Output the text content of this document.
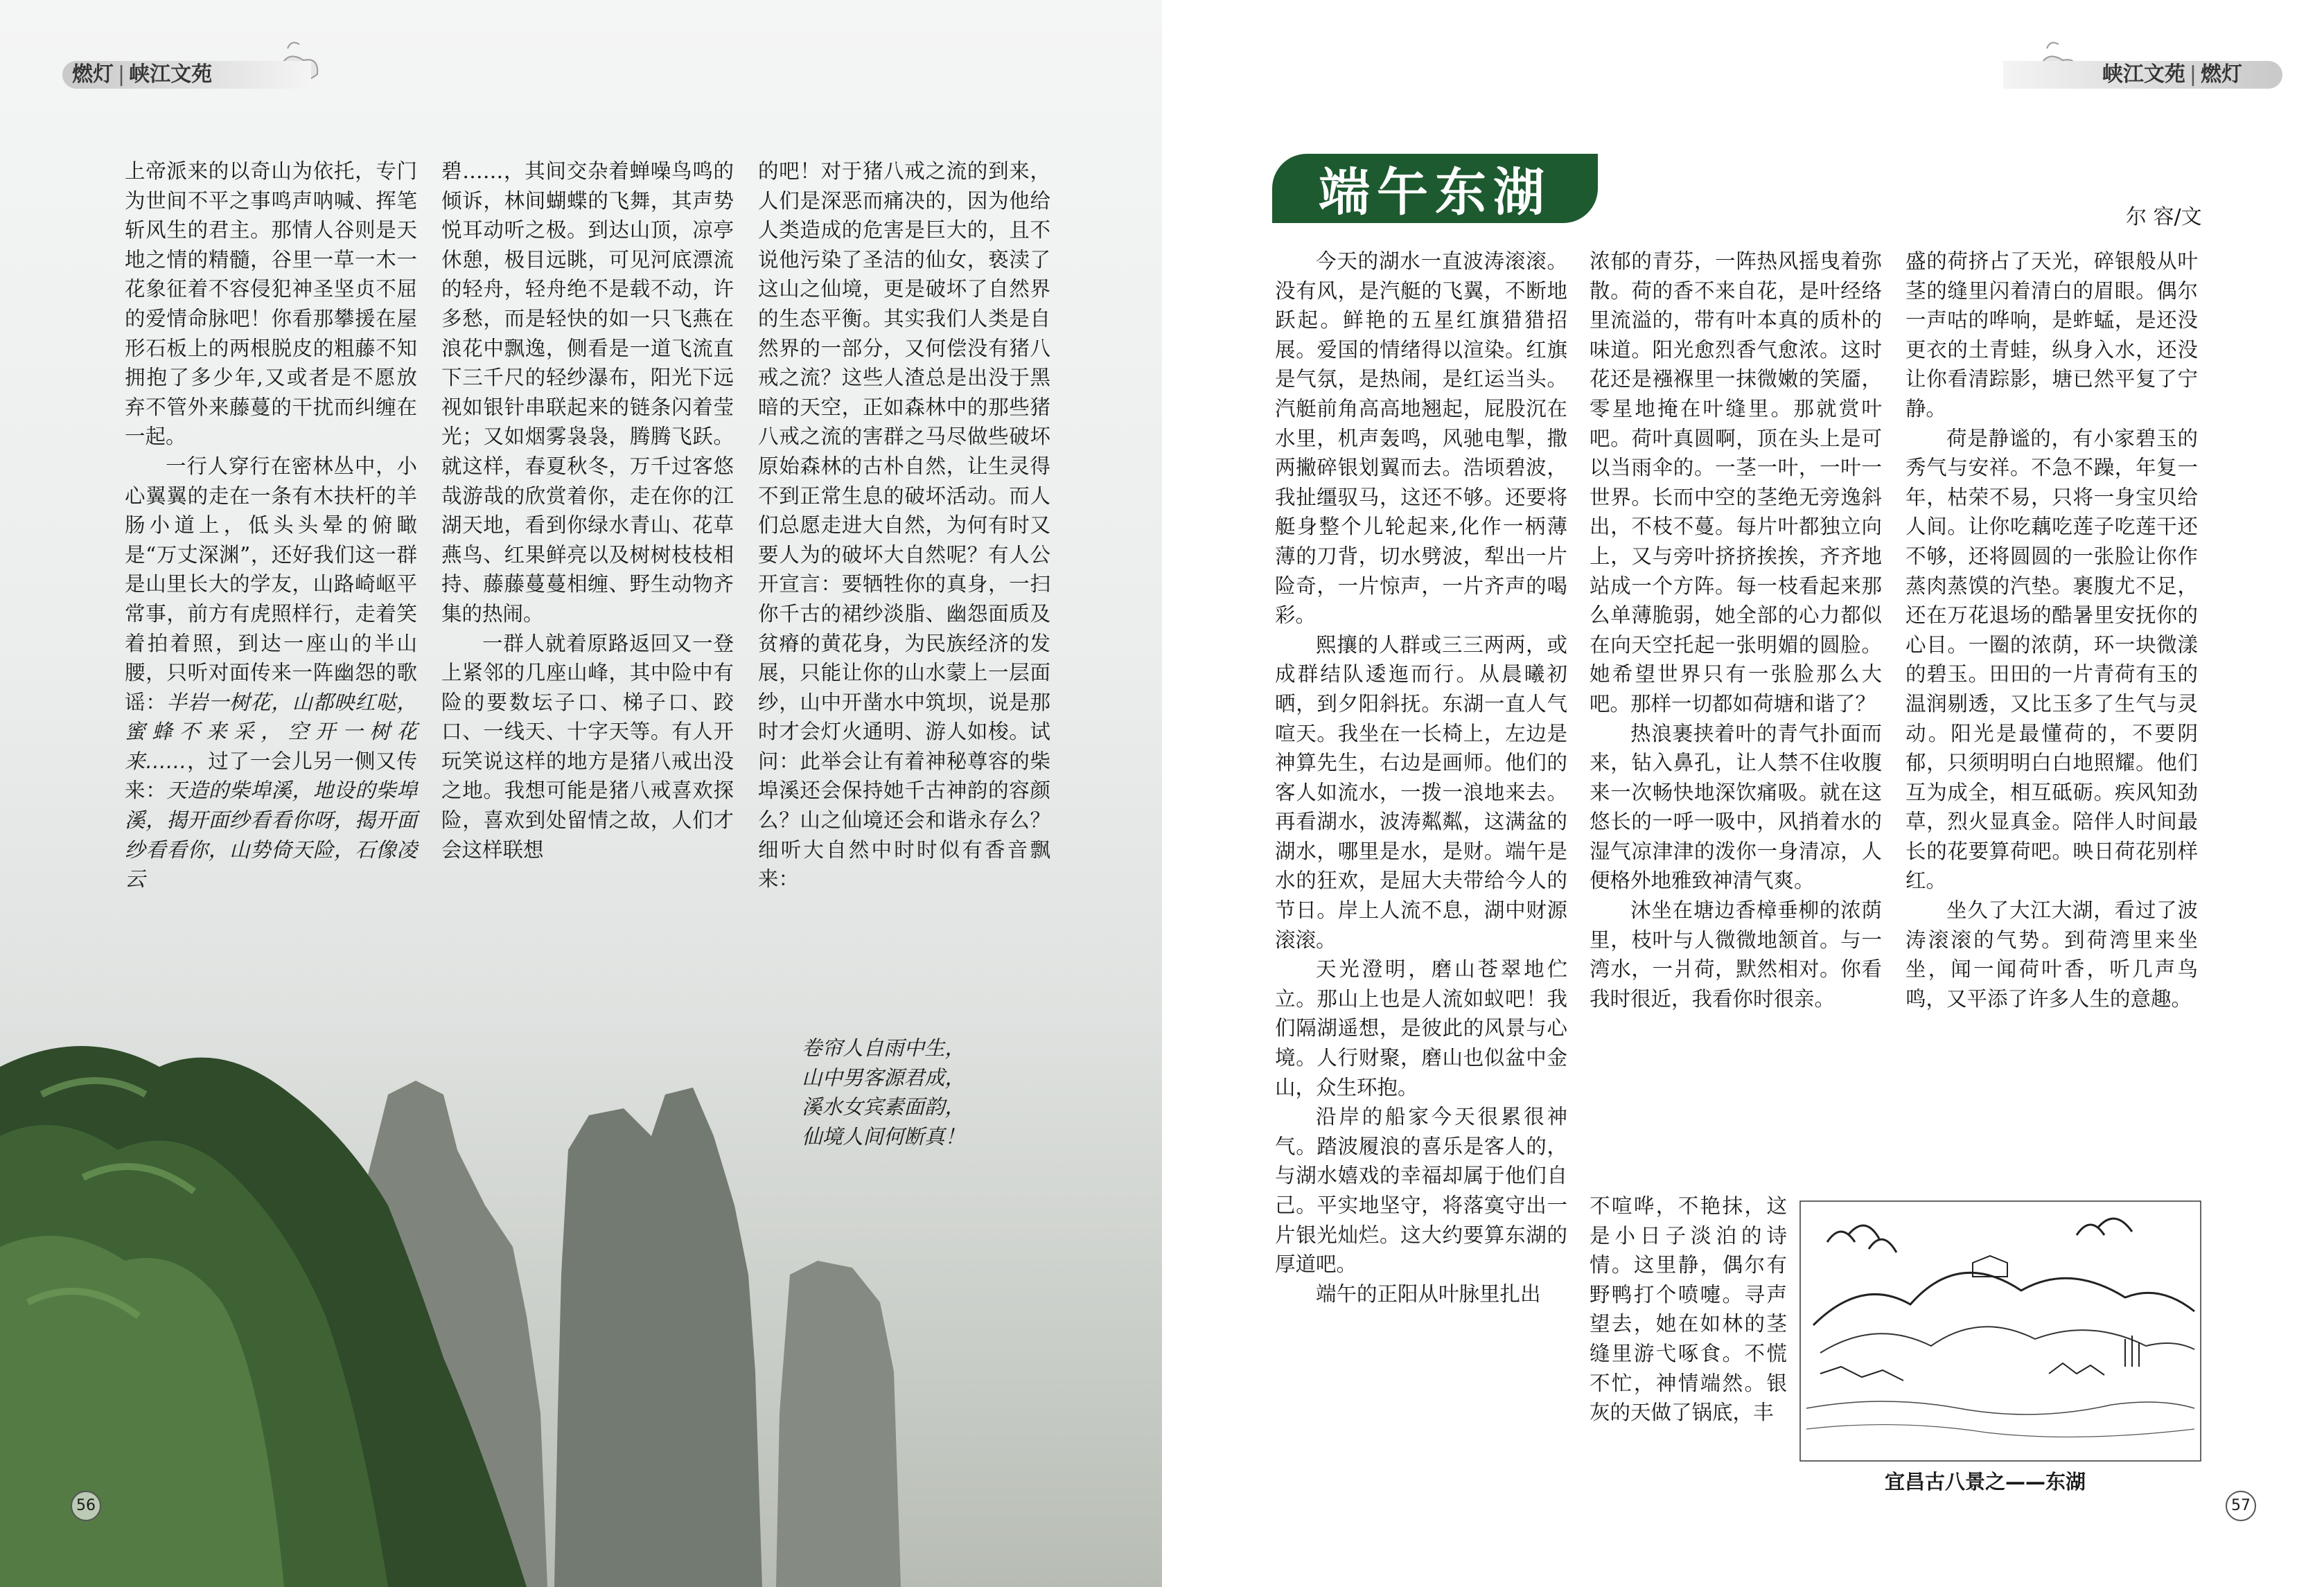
燃灯 | 峡江文苑

上帝派来的以奇山为依托，专门为世间不平之事鸣声呐喊、挥笔斩风生的君主。那情人谷则是天地之情的精髓，谷里一草一木一花象征着不容侵犯神圣坚贞不屈的爱情命脉吧！你看那攀援在屋形石板上的两根脱皮的粗藤不知拥抱了多少年,又或者是不愿放弃不管外来藤蔓的干扰而纠缠在一起。

一行人穿行在密林丛中，小心翼翼的走在一条有木扶杆的羊肠小道上，低头头晕的俯瞰是“万丈深渊”，还好我们这一群是山里长大的学友，山路崎岖平常事，前方有虎照样行，走着笑着拍着照，到达一座山的半山腰，只听对面传来一阵幽怨的歌谣：半岩一树花，山都映红哒，蜜蜂不来采，空开一树花来……，过了一会儿另一侧又传来：天造的柴埠溪，地设的柴埠溪，揭开面纱看看你呀，揭开面纱看看你，山势倚天险，石像凌云

碧……，其间交杂着蝉噪鸟鸣的倾诉，林间蝴蝶的飞舞，其声势悦耳动听之极。到达山顶，凉亭休憩，极目远眺，可见河底漂流的轻舟，轻舟绝不是载不动，许多愁，而是轻快的如一只飞燕在浪花中飘逸，侧看是一道飞流直下三千尺的轻纱瀑布，阳光下远视如银针串联起来的链条闪着莹光；又如烟雾袅袅，腾腾飞跃。就这样，春夏秋冬，万千过客悠哉游哉的欣赏着你，走在你的江湖天地，看到你绿水青山、花草燕鸟、红果鲜亮以及树树枝枝相持、藤藤蔓蔓相缠、野生动物齐集的热闹。

一群人就着原路返回又一登上紧邻的几座山峰，其中险中有险的要数坛子口、梯子口、跤口、一线天、十字天等。有人开玩笑说这样的地方是猪八戒出没之地。我想可能是猪八戒喜欢探险，喜欢到处留情之故，人们才会这样联想

的吧！对于猪八戒之流的到来，人们是深恶而痛决的，因为他给人类造成的危害是巨大的，且不说他污染了圣洁的仙女，亵渎了这山之仙境，更是破坏了自然界的生态平衡。其实我们人类是自然界的一部分，又何偿没有猪八戒之流？这些人渣总是出没于黑暗的天空，正如森林中的那些猪八戒之流的害群之马尽做些破坏原始森林的古朴自然，让生灵得不到正常生息的破坏活动。而人们总愿走进大自然，为何有时又要人为的破坏大自然呢？有人公开宣言：要牺牲你的真身，一扫你千古的裙纱淡脂、幽怨面质及贫瘠的黄花身，为民族经济的发展，只能让你的山水蒙上一层面纱，山中开凿水中筑坝，说是那时才会灯火通明、游人如梭。试问：此举会让有着神秘尊容的柴埠溪还会保持她千古神韵的容颜么？山之仙境还会和谐永存么？细听大自然中时时似有香音飘来：

卷帘人自雨中生，
山中男客源君成，
溪水女宾素面韵，
仙境人间何断真！
56
峡江文苑 | 燃灯
端午东湖	尔 容/文

今天的湖水一直波涛滚滚。没有风，是汽艇的飞翼，不断地跃起。鲜艳的五星红旗猎猎招展。爱国的情绪得以渲染。红旗是气氛，是热闹，是红运当头。汽艇前角高高地翘起，屁股沉在水里，机声轰鸣，风驰电掣，撒两撇碎银划翼而去。浩顷碧波，我扯缰驭马，这还不够。还要将艇身整个儿轮起来,化作一柄薄薄的刀背，切水劈波，犁出一片险奇，一片惊声，一片齐声的喝彩。

熙攘的人群或三三两两，或成群结队逶迤而行。从晨曦初晒，到夕阳斜抚。东湖一直人气喧天。我坐在一长椅上，左边是神算先生，右边是画师。他们的客人如流水，一拨一浪地来去。再看湖水，波涛粼粼，这满盆的湖水，哪里是水，是财。端午是水的狂欢，是屈大夫带给今人的节日。岸上人流不息，湖中财源滚滚。

天光澄明，磨山苍翠地伫立。那山上也是人流如蚁吧！我们隔湖遥想，是彼此的风景与心境。人行财聚，磨山也似盆中金山，众生环抱。

沿岸的船家今天很累很神气。踏波履浪的喜乐是客人的，与湖水嬉戏的幸福却属于他们自己。平实地坚守，将落寞守出一片银光灿烂。这大约要算东湖的厚道吧。

端午的正阳从叶脉里扎出

浓郁的青芬，一阵热风摇曳着弥散。荷的香不来自花，是叶经络里流溢的，带有叶本真的质朴的味道。阳光愈烈香气愈浓。这时花还是襁褓里一抹微嫩的笑靥，零星地掩在叶缝里。那就赏叶吧。荷叶真圆啊，顶在头上是可以当雨伞的。一茎一叶，一叶一世界。长而中空的茎绝无旁逸斜出，不枝不蔓。每片叶都独立向上，又与旁叶挤挤挨挨，齐齐地站成一个方阵。每一枝看起来那么单薄脆弱，她全部的心力都似在向天空托起一张明媚的圆脸。她希望世界只有一张脸那么大吧。那样一切都如荷塘和谐了？

热浪裹挟着叶的青气扑面而来，钻入鼻孔，让人禁不住收腹来一次畅快地深饮痛吸。就在这悠长的一呼一吸中，风捎着水的湿气凉津津的泼你一身清凉，人便格外地雅致神清气爽。

沐坐在塘边香樟垂柳的浓荫里，枝叶与人微微地颔首。与一湾水，一爿荷，默然相对。你看我时很近，我看你时很亲。

不喧哗，不艳抹，这是小日子淡泊的诗情。这里静，偶尔有野鸭打个喷嚏。寻声望去，她在如林的茎缝里游弋啄食。不慌不忙，神情端然。银灰的天做了锅底，丰

盛的荷挤占了天光，碎银般从叶茎的缝里闪着清白的眉眼。偶尔一声咕的哗响，是蚱蜢，是还没更衣的土青蛙，纵身入水，还没让你看清踪影，塘已然平复了宁静。

荷是静谧的，有小家碧玉的秀气与安祥。不急不躁，年复一年，枯荣不易，只将一身宝贝给人间。让你吃藕吃莲子吃莲干还不够，还将圆圆的一张脸让你作蒸肉蒸馍的汽垫。裹腹尤不足，还在万花退场的酷暑里安抚你的心目。一圈的浓荫，环一块微漾的碧玉。田田的一片青荷有玉的温润剔透，又比玉多了生气与灵动。阳光是最懂荷的，不要阴郁，只须明明白白地照耀。他们互为成全，相互砥砺。疾风知劲草，烈火显真金。陪伴人时间最长的花要算荷吧。映日荷花别样红。

坐久了大江大湖，看过了波涛滚滚的气势。到荷湾里来坐坐，闻一闻荷叶香，听几声鸟鸣，又平添了许多人生的意趣。

宜昌古八景之——东湖
57
